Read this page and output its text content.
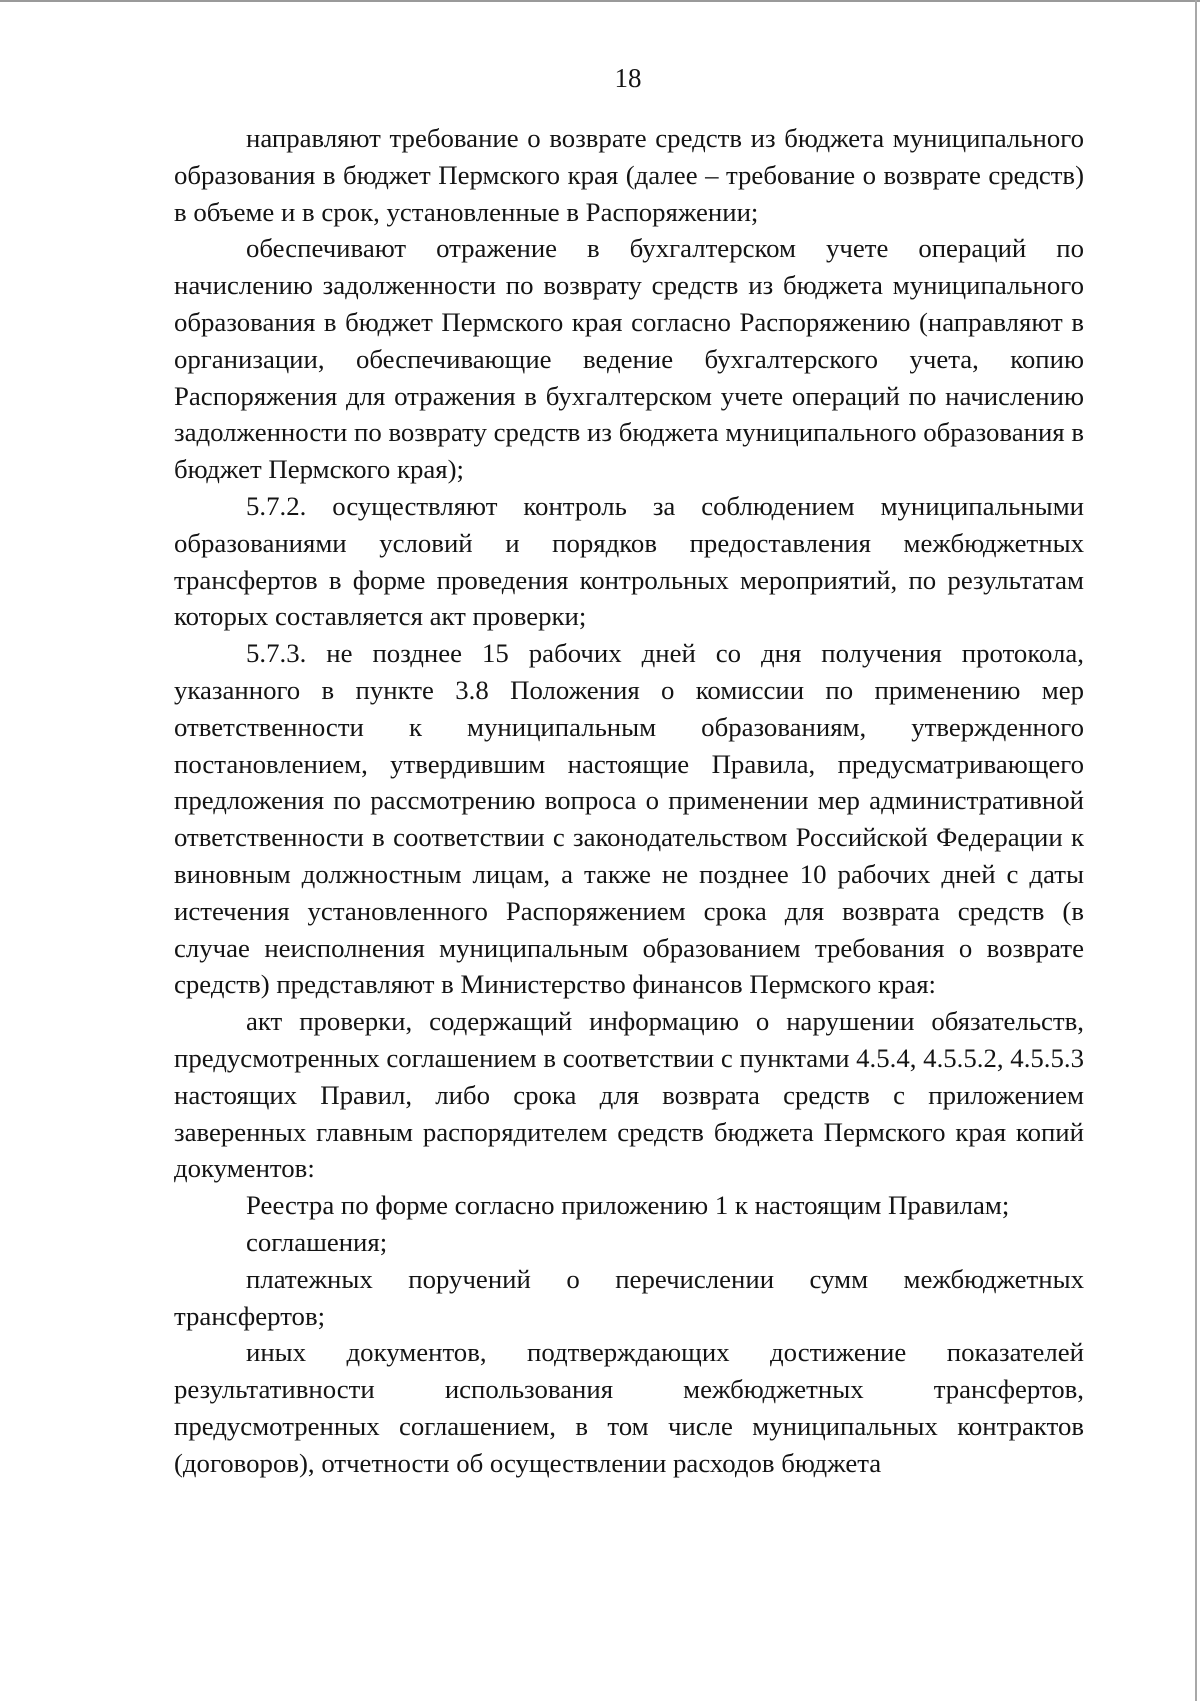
18

направляют требование о возврате средств из бюджета муниципального образования в бюджет Пермского края (далее – требование о возврате средств) в объеме и в срок, установленные в Распоряжении;

обеспечивают отражение в бухгалтерском учете операций по начислению задолженности по возврату средств из бюджета муниципального образования в бюджет Пермского края согласно Распоряжению (направляют в организации, обеспечивающие ведение бухгалтерского учета, копию Распоряжения для отражения в бухгалтерском учете операций по начислению задолженности по возврату средств из бюджета муниципального образования в бюджет Пермского края);

5.7.2. осуществляют контроль за соблюдением муниципальными образованиями условий и порядков предоставления межбюджетных трансфертов в форме проведения контрольных мероприятий, по результатам которых составляется акт проверки;

5.7.3. не позднее 15 рабочих дней со дня получения протокола, указанного в пункте 3.8 Положения о комиссии по применению мер ответственности к муниципальным образованиям, утвержденного постановлением, утвердившим настоящие Правила, предусматривающего предложения по рассмотрению вопроса о применении мер административной ответственности в соответствии с законодательством Российской Федерации к виновным должностным лицам, а также не позднее 10 рабочих дней с даты истечения установленного Распоряжением срока для возврата средств (в случае неисполнения муниципальным образованием требования о возврате средств) представляют в Министерство финансов Пермского края:

акт проверки, содержащий информацию о нарушении обязательств, предусмотренных соглашением в соответствии с пунктами 4.5.4, 4.5.5.2, 4.5.5.3 настоящих Правил, либо срока для возврата средств с приложением заверенных главным распорядителем средств бюджета Пермского края копий документов:

Реестра по форме согласно приложению 1 к настоящим Правилам;

соглашения;

платежных поручений о перечислении сумм межбюджетных трансфертов;

иных документов, подтверждающих достижение показателей результативности использования межбюджетных трансфертов, предусмотренных соглашением, в том числе муниципальных контрактов (договоров), отчетности об осуществлении расходов бюджета
